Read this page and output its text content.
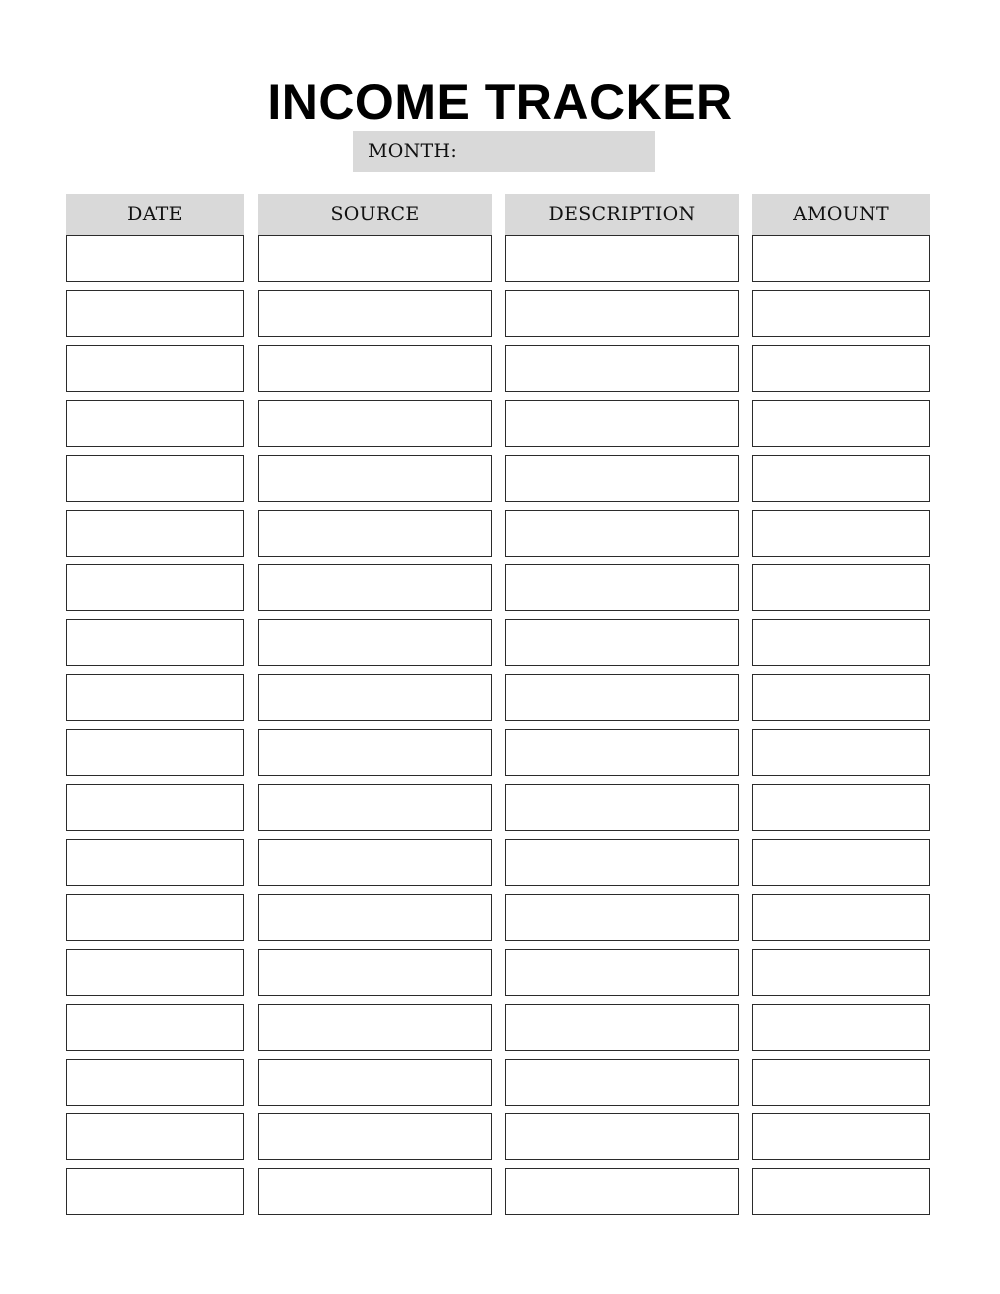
INCOME TRACKER
MONTH:
DATE	SOURCE	DESCRIPTION	AMOUNT
